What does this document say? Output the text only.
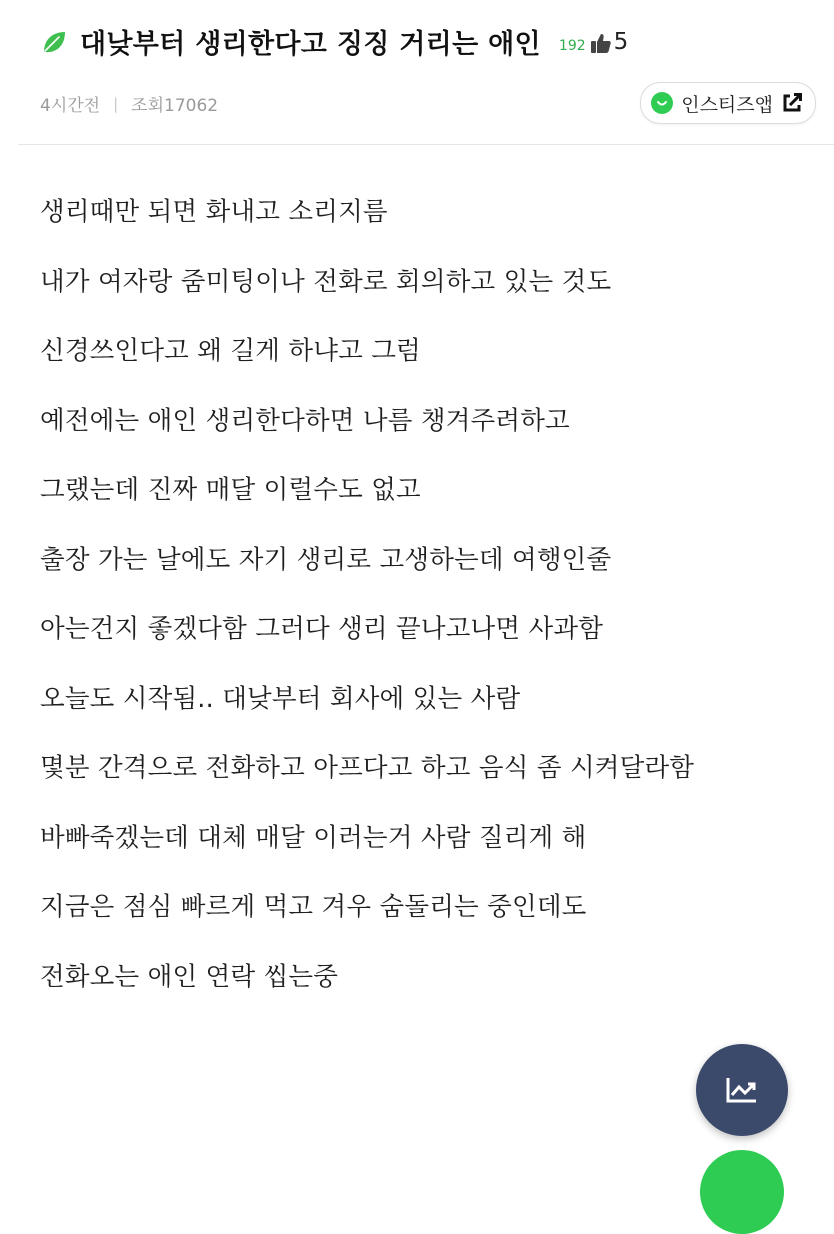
대낮부터 생리한다고 징징 거리는 애인 192 5
4시간전 | 조회17062	인스티즈앱
생리때만 되면 화내고 소리지름
내가 여자랑 줌미팅이나 전화로 회의하고 있는 것도
신경쓰인다고 왜 길게 하냐고 그럼
예전에는 애인 생리한다하면 나름 챙겨주려하고
그랬는데 진짜 매달 이럴수도 없고
출장 가는 날에도 자기 생리로 고생하는데 여행인줄
아는건지 좋겠다함 그러다 생리 끝나고나면 사과함
오늘도 시작됨.. 대낮부터 회사에 있는 사람
몇분 간격으로 전화하고 아프다고 하고 음식 좀 시켜달라함
바빠죽겠는데 대체 매달 이러는거 사람 질리게 해
지금은 점심 빠르게 먹고 겨우 숨돌리는 중인데도
전화오는 애인 연락 씹는중
